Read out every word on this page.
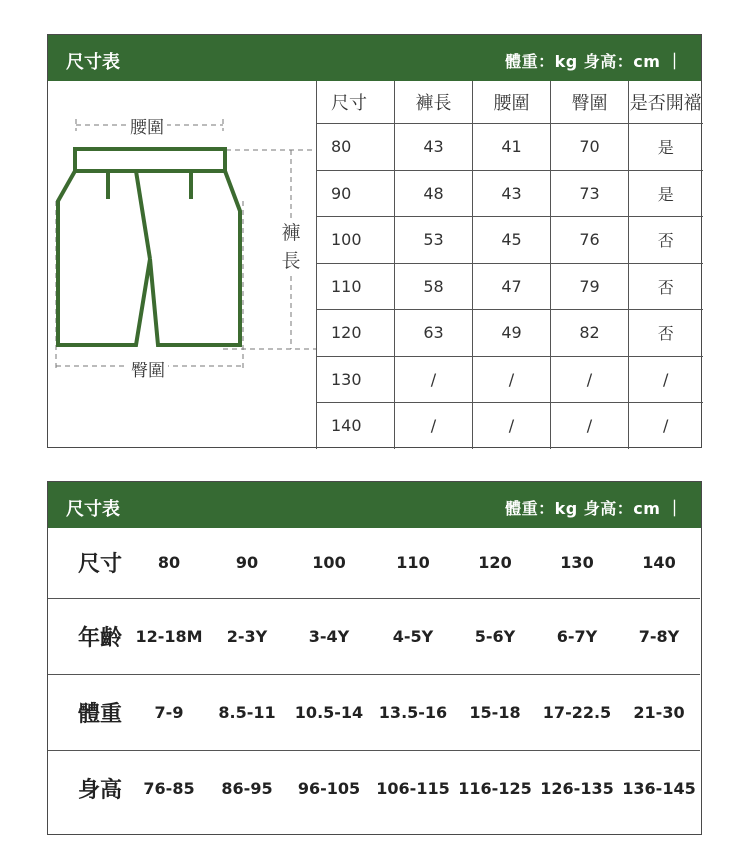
尺寸表	體重：kg 身高：cm ｜
腰圍
臀圍
褲
長
尺寸	褲長	腰圍	臀圍	是否開襠
80	43	41	70	是
90	48	43	73	是
100	53	45	76	否
110	58	47	79	否
120	63	49	82	否
130	/	/	/	/
140	/	/	/	/
尺寸表	體重：kg 身高：cm ｜
尺寸	80	90	100	110	120	130	140
年齡	12-18M	2-3Y	3-4Y	4-5Y	5-6Y	6-7Y	7-8Y
體重	7-9	8.5-11	10.5-14	13.5-16	15-18	17-22.5	21-30
身高	76-85	86-95	96-105	106-115	116-125	126-135	136-145
